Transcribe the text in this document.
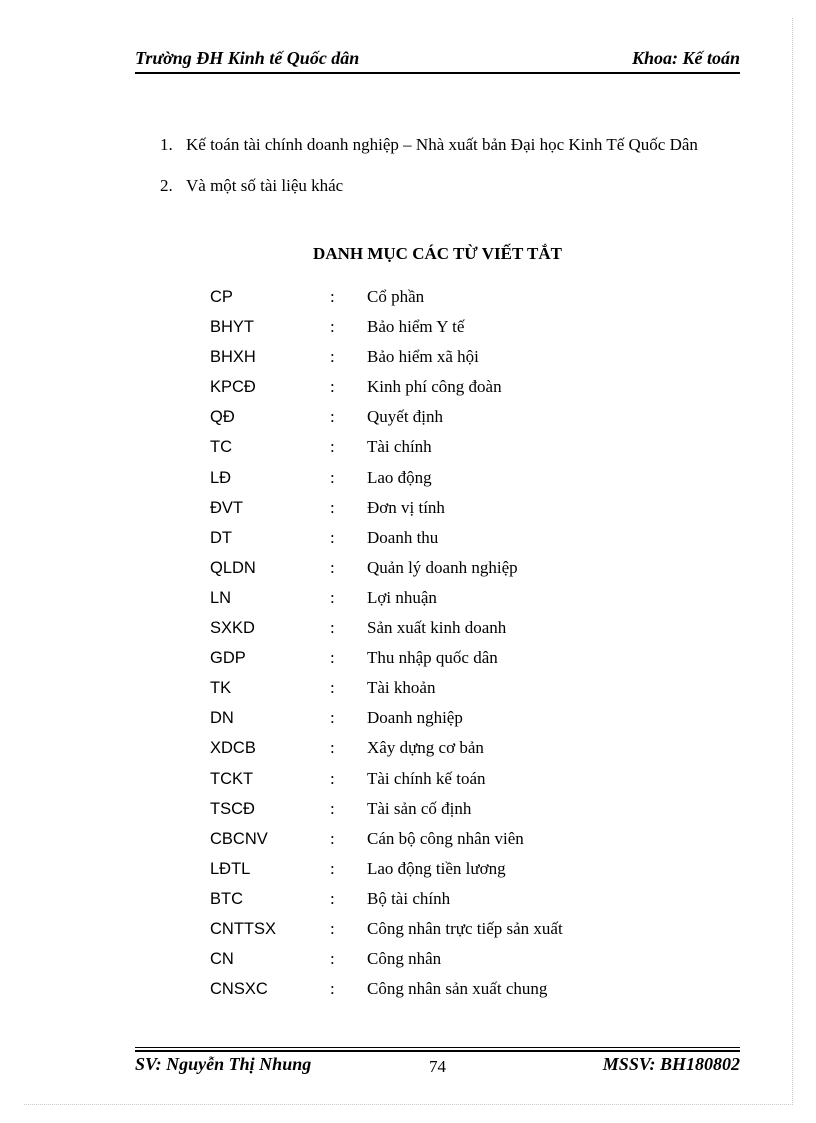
Trường ĐH Kinh tế Quốc dân	Khoa: Kế toán
1. Kế toán tài chính doanh nghiệp – Nhà xuất bản Đại học Kinh Tế Quốc Dân
2. Và một số tài liệu khác
DANH MỤC CÁC TỪ VIẾT TẮT
CP	: Cổ phần
BHYT	: Bảo hiểm Y tế
BHXH	: Bảo hiểm xã hội
KPCĐ	: Kinh phí công đoàn
QĐ	: Quyết định
TC	: Tài chính
LĐ	: Lao động
ĐVT	: Đơn vị tính
DT	: Doanh thu
QLDN	: Quản lý doanh nghiệp
LN	: Lợi nhuận
SXKD	: Sản xuất kinh doanh
GDP	: Thu nhập quốc dân
TK	: Tài khoản
DN	: Doanh nghiệp
XDCB	: Xây dựng cơ bản
TCKT	: Tài chính kế toán
TSCĐ	: Tài sản cố định
CBCNV	: Cán bộ công nhân viên
LĐTL	: Lao động tiền lương
BTC	: Bộ tài chính
CNTTSX	: Công nhân trực tiếp sản xuất
CN	: Công nhân
CNSXC	: Công nhân sản xuất chung
SV: Nguyễn Thị Nhung	74	MSSV: BH180802
